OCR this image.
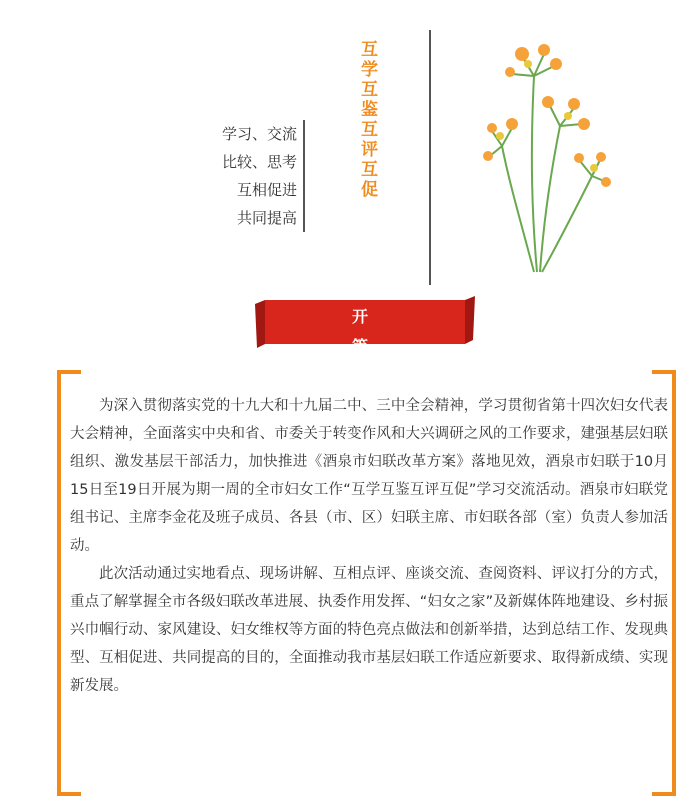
学习、交流
比较、思考
互相促进
共同提高
互学互鉴互评互促
开 篇

为深入贯彻落实党的十九大和十九届二中、三中全会精神，学习贯彻省第十四次妇女代表大会精神，全面落实中央和省、市委关于转变作风和大兴调研之风的工作要求，建强基层妇联组织、激发基层干部活力，加快推进《酒泉市妇联改革方案》落地见效，酒泉市妇联于10月15日至19日开展为期一周的全市妇女工作“互学互鉴互评互促”学习交流活动。酒泉市妇联党组书记、主席李金花及班子成员、各县（市、区）妇联主席、市妇联各部（室）负责人参加活动。

此次活动通过实地看点、现场讲解、互相点评、座谈交流、查阅资料、评议打分的方式，重点了解掌握全市各级妇联改革进展、执委作用发挥、“妇女之家”及新媒体阵地建设、乡村振兴巾帼行动、家风建设、妇女维权等方面的特色亮点做法和创新举措，达到总结工作、发现典型、互相促进、共同提高的目的，全面推动我市基层妇联工作适应新要求、取得新成绩、实现新发展。
